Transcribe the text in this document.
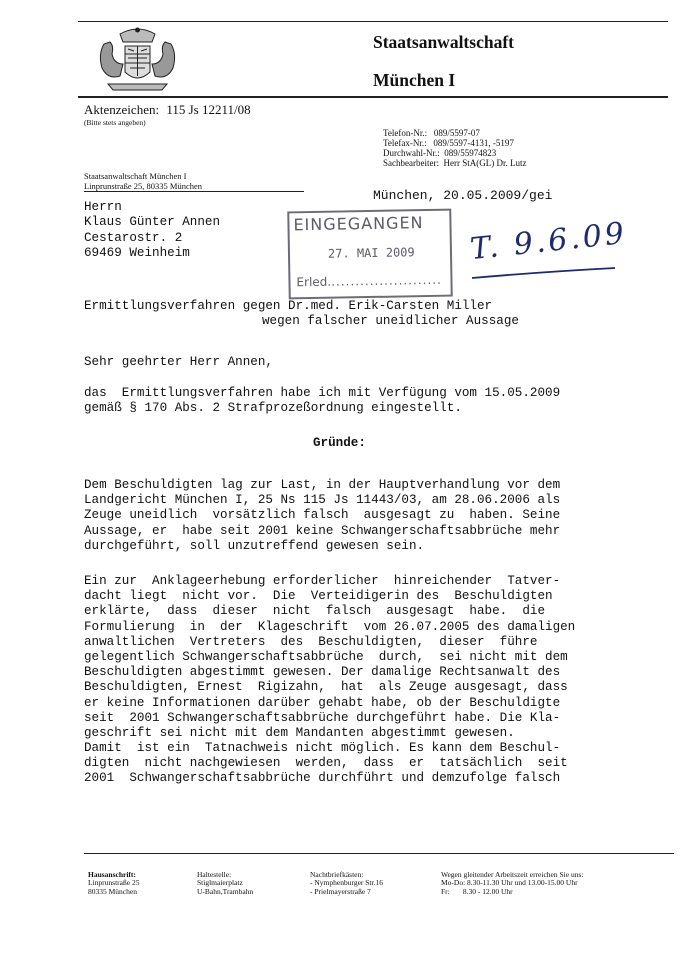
Staatsanwaltschaft
München I
Aktenzeichen: 115 Js 12211/08
(Bitte stets angeben)
Telefon-Nr.:   089/5597-07
Telefax-Nr.:   089/5597-4131, -5197
Durchwahl-Nr.:  089/55974823
Sachbearbeiter:  Herr StA(GL) Dr. Lutz
Staatsanwaltschaft München I
Linprunstraße 25, 80335 München
München, 20.05.2009/gei
Herrn
Klaus Günter Annen
Cestarostr. 2
69469 Weinheim
EINGEGANGEN
27. MAI 2009
Erled........................
T. 9.6.09
Ermittlungsverfahren gegen Dr.med. Erik-Carsten Miller
wegen falscher uneidlicher Aussage
Sehr geehrter Herr Annen,
das  Ermittlungsverfahren habe ich mit Verfügung vom 15.05.2009
gemäß § 170 Abs. 2 Strafprozeßordnung eingestellt.
Gründe:
Dem Beschuldigten lag zur Last, in der Hauptverhandlung vor dem
Landgericht München I, 25 Ns 115 Js 11443/03, am 28.06.2006 als
Zeuge uneidlich  vorsätzlich falsch  ausgesagt zu  haben. Seine
Aussage, er  habe seit 2001 keine Schwangerschaftsabbrüche mehr
durchgeführt, soll unzutreffend gewesen sein.
Ein zur  Anklageerhebung erforderlicher  hinreichender  Tatver-
dacht liegt  nicht vor.  Die  Verteidigerin des  Beschuldigten
erklärte,  dass  dieser  nicht  falsch  ausgesagt  habe.  die
Formulierung  in  der  Klageschrift  vom 26.07.2005 des damaligen
anwaltlichen  Vertreters  des  Beschuldigten,  dieser  führe
gelegentlich Schwangerschaftsabbrüche  durch,  sei nicht mit dem
Beschuldigten abgestimmt gewesen. Der damalige Rechtsanwalt des
Beschuldigten, Ernest  Rigizahn,  hat  als Zeuge ausgesagt, dass
er keine Informationen darüber gehabt habe, ob der Beschuldigte
seit  2001 Schwangerschaftsabbrüche durchgeführt habe. Die Kla-
geschrift sei nicht mit dem Mandanten abgestimmt gewesen.
Damit  ist ein  Tatnachweis nicht möglich. Es kann dem Beschul-
digten  nicht nachgewiesen  werden,  dass  er  tatsächlich  seit
2001  Schwangerschaftsabbrüche durchführt und demzufolge falsch
Hausanschrift:
Linprunstraße 25
80335 München
Haltestelle:
Stiglmaierplatz
U-Bahn,Trambahn
Nachtbriefkästen:
- Nymphenburger Str.16
- Prielmayerstraße 7
Wegen gleitender Arbeitszeit erreichen Sie uns:
Mo-Do: 8.30-11.30 Uhr und 13.00-15.00 Uhr
Fr:       8.30 - 12.00 Uhr
